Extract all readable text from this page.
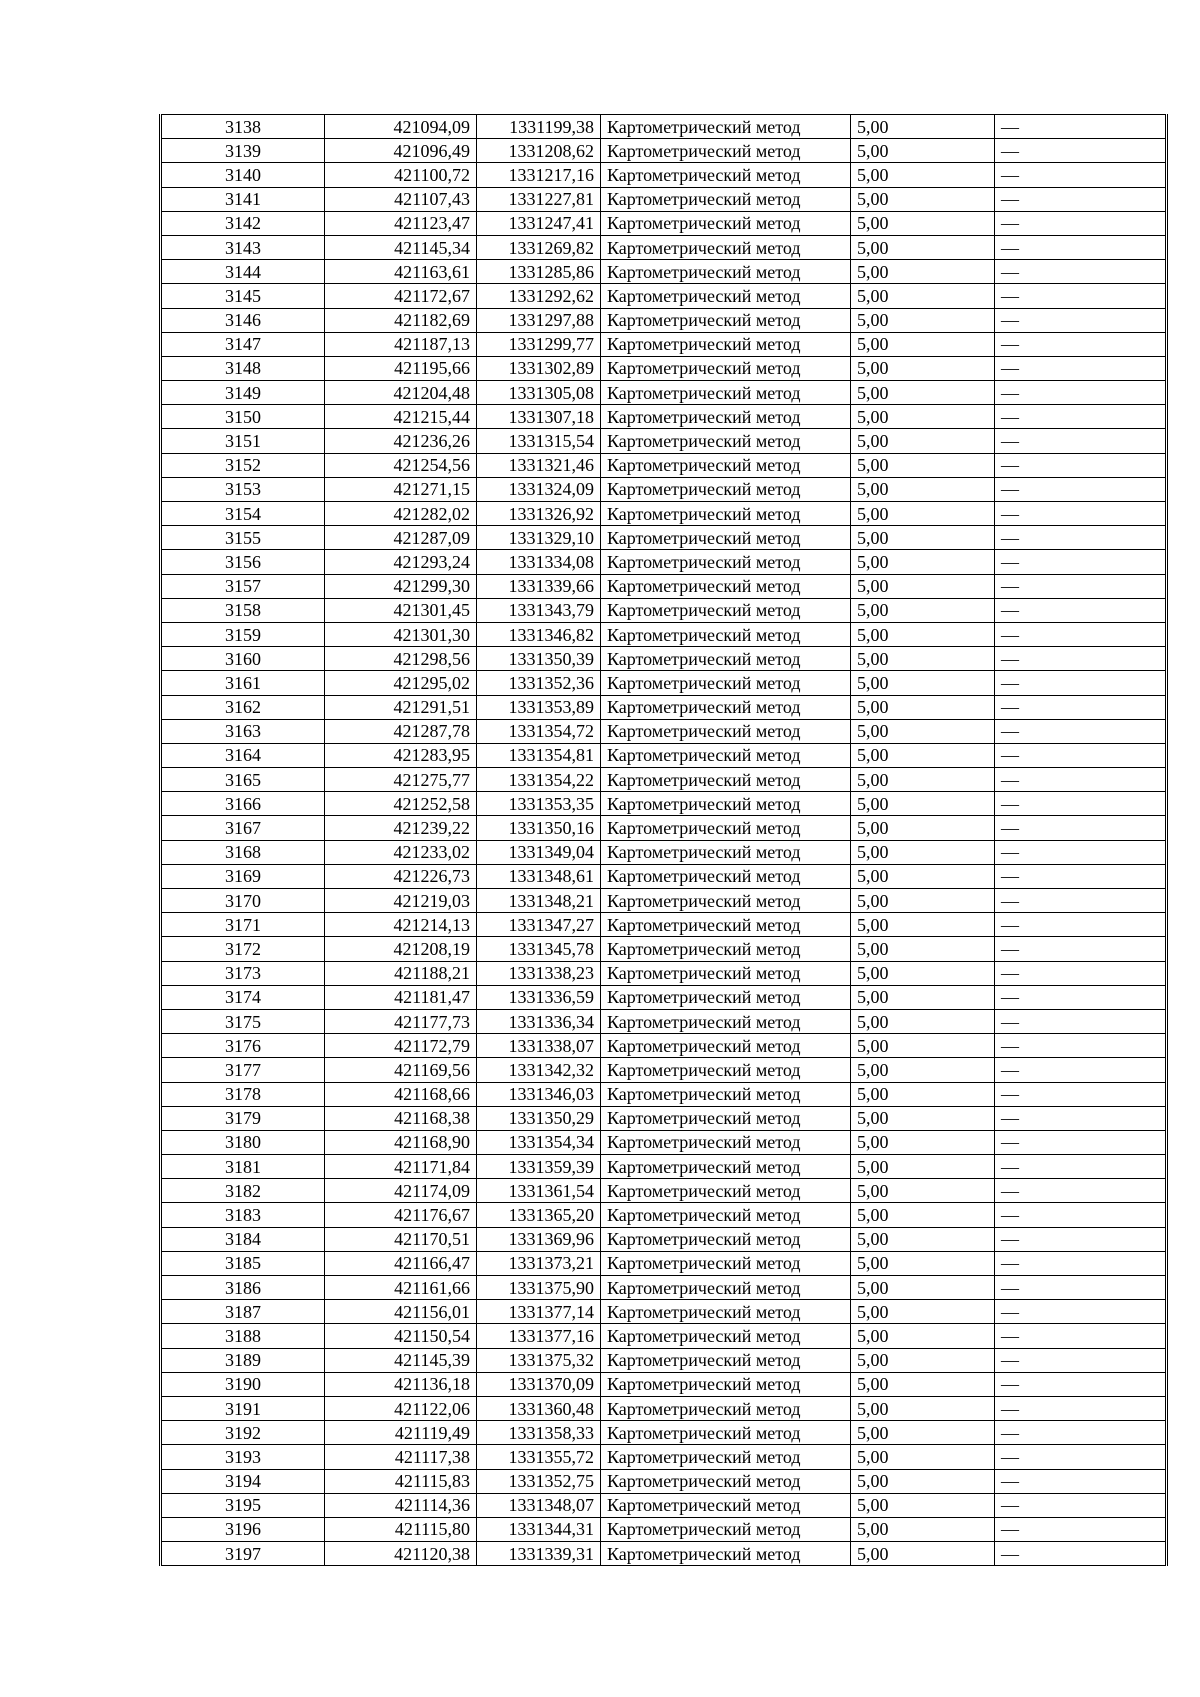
3138	421094,09	1331199,38	Картометрический метод	5,00	—
3139	421096,49	1331208,62	Картометрический метод	5,00	—
3140	421100,72	1331217,16	Картометрический метод	5,00	—
3141	421107,43	1331227,81	Картометрический метод	5,00	—
3142	421123,47	1331247,41	Картометрический метод	5,00	—
3143	421145,34	1331269,82	Картометрический метод	5,00	—
3144	421163,61	1331285,86	Картометрический метод	5,00	—
3145	421172,67	1331292,62	Картометрический метод	5,00	—
3146	421182,69	1331297,88	Картометрический метод	5,00	—
3147	421187,13	1331299,77	Картометрический метод	5,00	—
3148	421195,66	1331302,89	Картометрический метод	5,00	—
3149	421204,48	1331305,08	Картометрический метод	5,00	—
3150	421215,44	1331307,18	Картометрический метод	5,00	—
3151	421236,26	1331315,54	Картометрический метод	5,00	—
3152	421254,56	1331321,46	Картометрический метод	5,00	—
3153	421271,15	1331324,09	Картометрический метод	5,00	—
3154	421282,02	1331326,92	Картометрический метод	5,00	—
3155	421287,09	1331329,10	Картометрический метод	5,00	—
3156	421293,24	1331334,08	Картометрический метод	5,00	—
3157	421299,30	1331339,66	Картометрический метод	5,00	—
3158	421301,45	1331343,79	Картометрический метод	5,00	—
3159	421301,30	1331346,82	Картометрический метод	5,00	—
3160	421298,56	1331350,39	Картометрический метод	5,00	—
3161	421295,02	1331352,36	Картометрический метод	5,00	—
3162	421291,51	1331353,89	Картометрический метод	5,00	—
3163	421287,78	1331354,72	Картометрический метод	5,00	—
3164	421283,95	1331354,81	Картометрический метод	5,00	—
3165	421275,77	1331354,22	Картометрический метод	5,00	—
3166	421252,58	1331353,35	Картометрический метод	5,00	—
3167	421239,22	1331350,16	Картометрический метод	5,00	—
3168	421233,02	1331349,04	Картометрический метод	5,00	—
3169	421226,73	1331348,61	Картометрический метод	5,00	—
3170	421219,03	1331348,21	Картометрический метод	5,00	—
3171	421214,13	1331347,27	Картометрический метод	5,00	—
3172	421208,19	1331345,78	Картометрический метод	5,00	—
3173	421188,21	1331338,23	Картометрический метод	5,00	—
3174	421181,47	1331336,59	Картометрический метод	5,00	—
3175	421177,73	1331336,34	Картометрический метод	5,00	—
3176	421172,79	1331338,07	Картометрический метод	5,00	—
3177	421169,56	1331342,32	Картометрический метод	5,00	—
3178	421168,66	1331346,03	Картометрический метод	5,00	—
3179	421168,38	1331350,29	Картометрический метод	5,00	—
3180	421168,90	1331354,34	Картометрический метод	5,00	—
3181	421171,84	1331359,39	Картометрический метод	5,00	—
3182	421174,09	1331361,54	Картометрический метод	5,00	—
3183	421176,67	1331365,20	Картометрический метод	5,00	—
3184	421170,51	1331369,96	Картометрический метод	5,00	—
3185	421166,47	1331373,21	Картометрический метод	5,00	—
3186	421161,66	1331375,90	Картометрический метод	5,00	—
3187	421156,01	1331377,14	Картометрический метод	5,00	—
3188	421150,54	1331377,16	Картометрический метод	5,00	—
3189	421145,39	1331375,32	Картометрический метод	5,00	—
3190	421136,18	1331370,09	Картометрический метод	5,00	—
3191	421122,06	1331360,48	Картометрический метод	5,00	—
3192	421119,49	1331358,33	Картометрический метод	5,00	—
3193	421117,38	1331355,72	Картометрический метод	5,00	—
3194	421115,83	1331352,75	Картометрический метод	5,00	—
3195	421114,36	1331348,07	Картометрический метод	5,00	—
3196	421115,80	1331344,31	Картометрический метод	5,00	—
3197	421120,38	1331339,31	Картометрический метод	5,00	—
